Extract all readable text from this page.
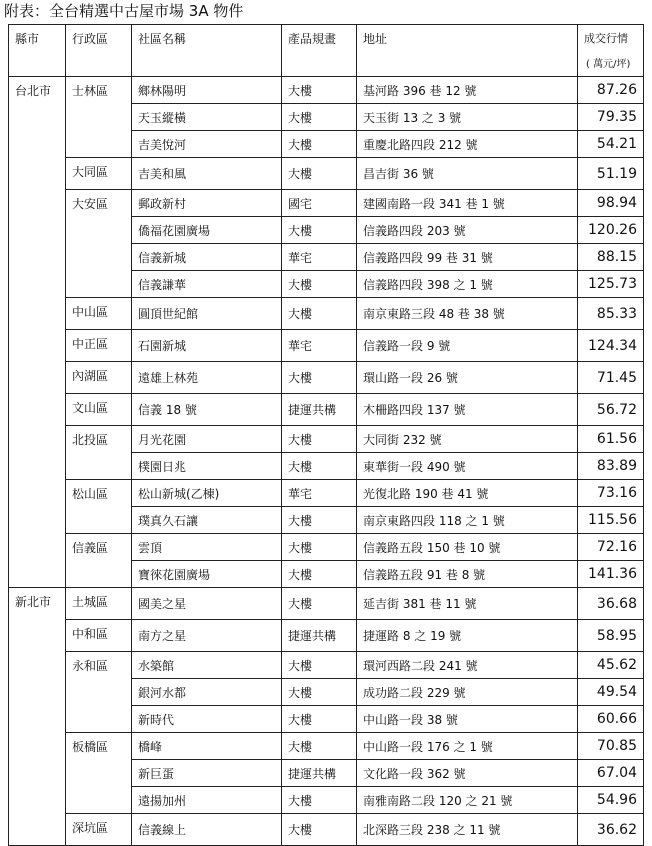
附表：全台精選中古屋市場 3A 物件
縣市	行政區	社區名稱	產品規畫	地址	成交行情
( 萬元/坪)

台北市	士林區	鄉林陽明	大樓	基河路 396 巷 12 號	87.26
		天玉縱橫	大樓	天玉街 13 之 3 號	79.35
		吉美悅河	大樓	重慶北路四段 212 號	54.21
	大同區	吉美和風	大樓	昌吉街 36 號	51.19
	大安區	郵政新村	國宅	建國南路一段 341 巷 1 號	98.94
		僑福花園廣場	大樓	信義路四段 203 號	120.26
		信義新城	華宅	信義路四段 99 巷 31 號	88.15
		信義謙華	大樓	信義路四段 398 之 1 號	125.73
	中山區	圓頂世紀館	大樓	南京東路三段 48 巷 38 號	85.33
	中正區	石園新城	華宅	信義路一段 9 號	124.34
	內湖區	遠雄上林苑	大樓	環山路一段 26 號	71.45
	文山區	信義 18 號	捷運共構	木柵路四段 137 號	56.72
	北投區	月光花園	大樓	大同街 232 號	61.56
		樸園日兆	大樓	東華街一段 490 號	83.89
	松山區	松山新城(乙棟)	華宅	光復北路 190 巷 41 號	73.16
		璞真久石讓	大樓	南京東路四段 118 之 1 號	115.56
	信義區	雲頂	大樓	信義路五段 150 巷 10 號	72.16
		寶徠花園廣場	大樓	信義路五段 91 巷 8 號	141.36
新北市	土城區	國美之星	大樓	延吉街 381 巷 11 號	36.68
	中和區	南方之星	捷運共構	捷運路 8 之 19 號	58.95
	永和區	水築館	大樓	環河西路二段 241 號	45.62
		銀河水都	大樓	成功路二段 229 號	49.54
		新時代	大樓	中山路一段 38 號	60.66
	板橋區	橋峰	大樓	中山路一段 176 之 1 號	70.85
		新巨蛋	捷運共構	文化路一段 362 號	67.04
		遠揚加州	大樓	南雅南路二段 120 之 21 號	54.96
	深坑區	信義線上	大樓	北深路三段 238 之 11 號	36.62
